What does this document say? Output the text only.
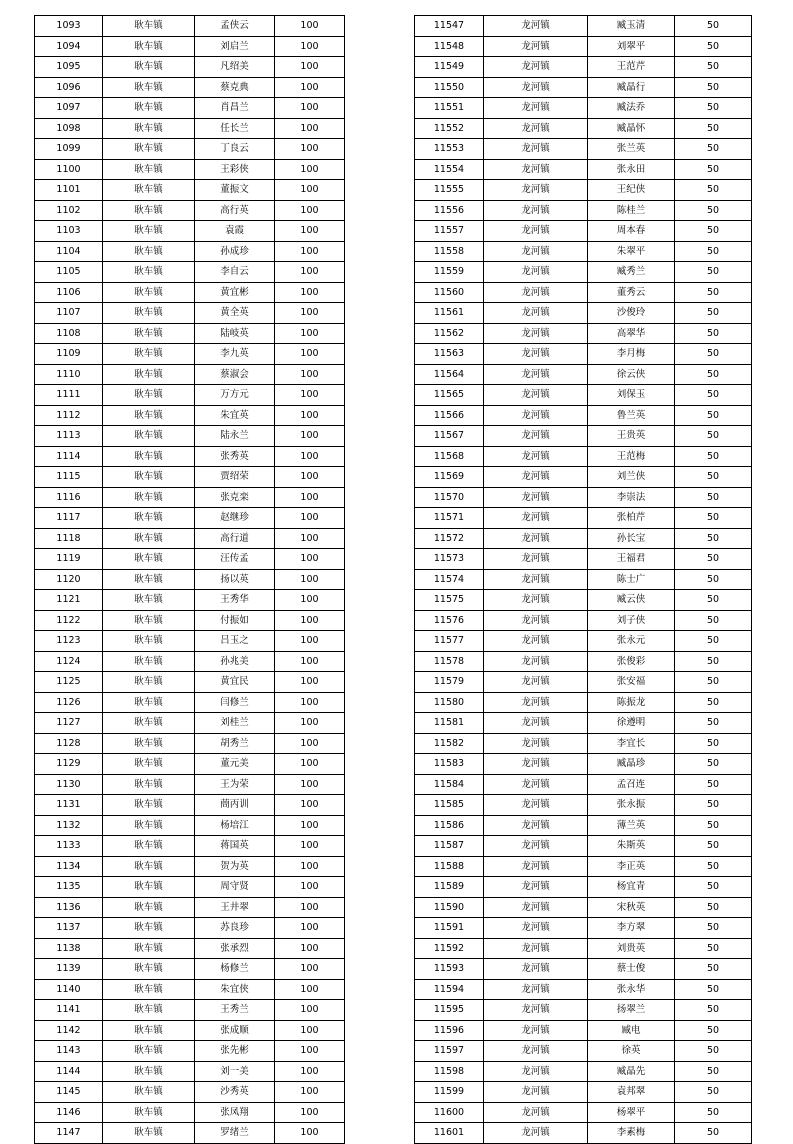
1093	耿车镇	孟侠云	100
1094	耿车镇	刘启兰	100
1095	耿车镇	凡绍美	100
1096	耿车镇	蔡克典	100
1097	耿车镇	肖昌兰	100
1098	耿车镇	任长兰	100
1099	耿车镇	丁良云	100
1100	耿车镇	王彩侠	100
1101	耿车镇	董振文	100
1102	耿车镇	高行英	100
1103	耿车镇	袁霞	100
1104	耿车镇	孙成珍	100
1105	耿车镇	李自云	100
1106	耿车镇	黄宜彬	100
1107	耿车镇	黄全英	100
1108	耿车镇	陆岐英	100
1109	耿车镇	李九英	100
1110	耿车镇	蔡淑会	100
1111	耿车镇	万方元	100
1112	耿车镇	朱宜英	100
1113	耿车镇	陆永兰	100
1114	耿车镇	张秀英	100
1115	耿车镇	贾绍荣	100
1116	耿车镇	张克栾	100
1117	耿车镇	赵继珍	100
1118	耿车镇	高行道	100
1119	耿车镇	汪传孟	100
1120	耿车镇	扬以英	100
1121	耿车镇	王秀华	100
1122	耿车镇	付振如	100
1123	耿车镇	吕玉之	100
1124	耿车镇	孙兆美	100
1125	耿车镇	黄宜民	100
1126	耿车镇	闫修兰	100
1127	耿车镇	刘桂兰	100
1128	耿车镇	胡秀兰	100
1129	耿车镇	董元美	100
1130	耿车镇	王为荣	100
1131	耿车镇	蔄丙训	100
1132	耿车镇	杨培江	100
1133	耿车镇	蒋国英	100
1134	耿车镇	贺为英	100
1135	耿车镇	周守贤	100
1136	耿车镇	王井翠	100
1137	耿车镇	苏良珍	100
1138	耿车镇	张承烈	100
1139	耿车镇	杨修兰	100
1140	耿车镇	朱宜侠	100
1141	耿车镇	王秀兰	100
1142	耿车镇	张成顺	100
1143	耿车镇	张先彬	100
1144	耿车镇	刘一美	100
1145	耿车镇	沙秀英	100
1146	耿车镇	张凤翔	100
1147	耿车镇	罗绪兰	100
11547	龙河镇	臧玉清	50
11548	龙河镇	刘翠平	50
11549	龙河镇	王范芹	50
11550	龙河镇	臧晶行	50
11551	龙河镇	臧法乔	50
11552	龙河镇	臧晶怀	50
11553	龙河镇	张兰英	50
11554	龙河镇	张永田	50
11555	龙河镇	王纪侠	50
11556	龙河镇	陈桂兰	50
11557	龙河镇	周本春	50
11558	龙河镇	朱翠平	50
11559	龙河镇	臧秀兰	50
11560	龙河镇	董秀云	50
11561	龙河镇	沙俊玲	50
11562	龙河镇	高翠华	50
11563	龙河镇	李月梅	50
11564	龙河镇	徐云侠	50
11565	龙河镇	刘保玉	50
11566	龙河镇	鲁兰英	50
11567	龙河镇	王贵英	50
11568	龙河镇	王范梅	50
11569	龙河镇	刘兰侠	50
11570	龙河镇	李崇法	50
11571	龙河镇	张柏芹	50
11572	龙河镇	孙长宝	50
11573	龙河镇	王福君	50
11574	龙河镇	陈士广	50
11575	龙河镇	臧云侠	50
11576	龙河镇	刘子侠	50
11577	龙河镇	张永元	50
11578	龙河镇	张俊彩	50
11579	龙河镇	张安福	50
11580	龙河镇	陈振龙	50
11581	龙河镇	徐遵明	50
11582	龙河镇	李宜长	50
11583	龙河镇	臧晶珍	50
11584	龙河镇	孟召连	50
11585	龙河镇	张永振	50
11586	龙河镇	薄兰英	50
11587	龙河镇	朱斯英	50
11588	龙河镇	李正英	50
11589	龙河镇	杨宜青	50
11590	龙河镇	宋秋英	50
11591	龙河镇	李方翠	50
11592	龙河镇	刘贵英	50
11593	龙河镇	蔡士俊	50
11594	龙河镇	张永华	50
11595	龙河镇	扬翠兰	50
11596	龙河镇	臧电	50
11597	龙河镇	徐英	50
11598	龙河镇	臧晶先	50
11599	龙河镇	袁邦翠	50
11600	龙河镇	杨翠平	50
11601	龙河镇	李素梅	50
